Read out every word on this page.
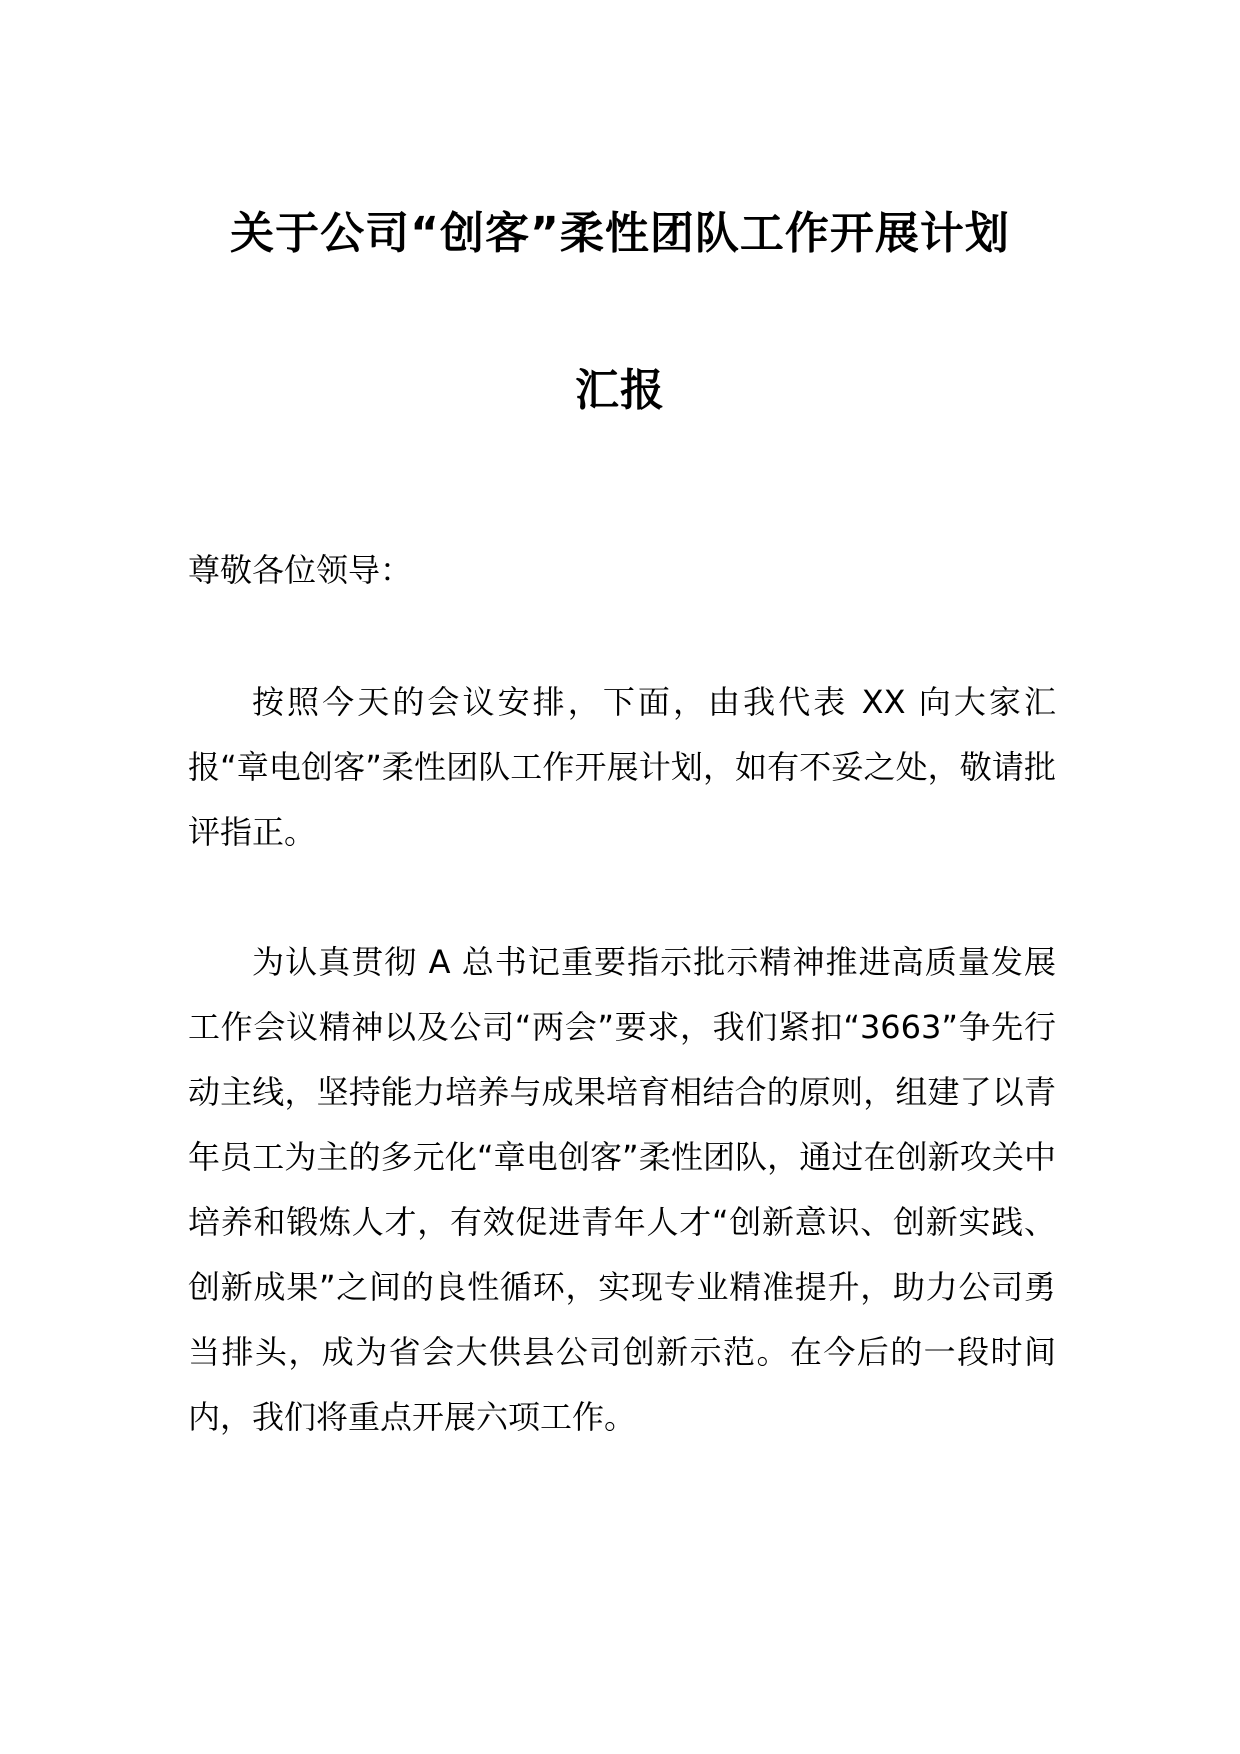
关于公司“创客”柔性团队工作开展计划
汇报
尊敬各位领导：

按照今天的会议安排，下面，由我代表 XX 向大家汇报“章电创客”柔性团队工作开展计划，如有不妥之处，敬请批评指正。

为认真贯彻 A 总书记重要指示批示精神推进高质量发展工作会议精神以及公司“两会”要求，我们紧扣“3663”争先行动主线，坚持能力培养与成果培育相结合的原则，组建了以青年员工为主的多元化“章电创客”柔性团队，通过在创新攻关中培养和锻炼人才，有效促进青年人才“创新意识、创新实践、创新成果”之间的良性循环，实现专业精准提升，助力公司勇当排头，成为省会大供县公司创新示范。在今后的一段时间内，我们将重点开展六项工作。
